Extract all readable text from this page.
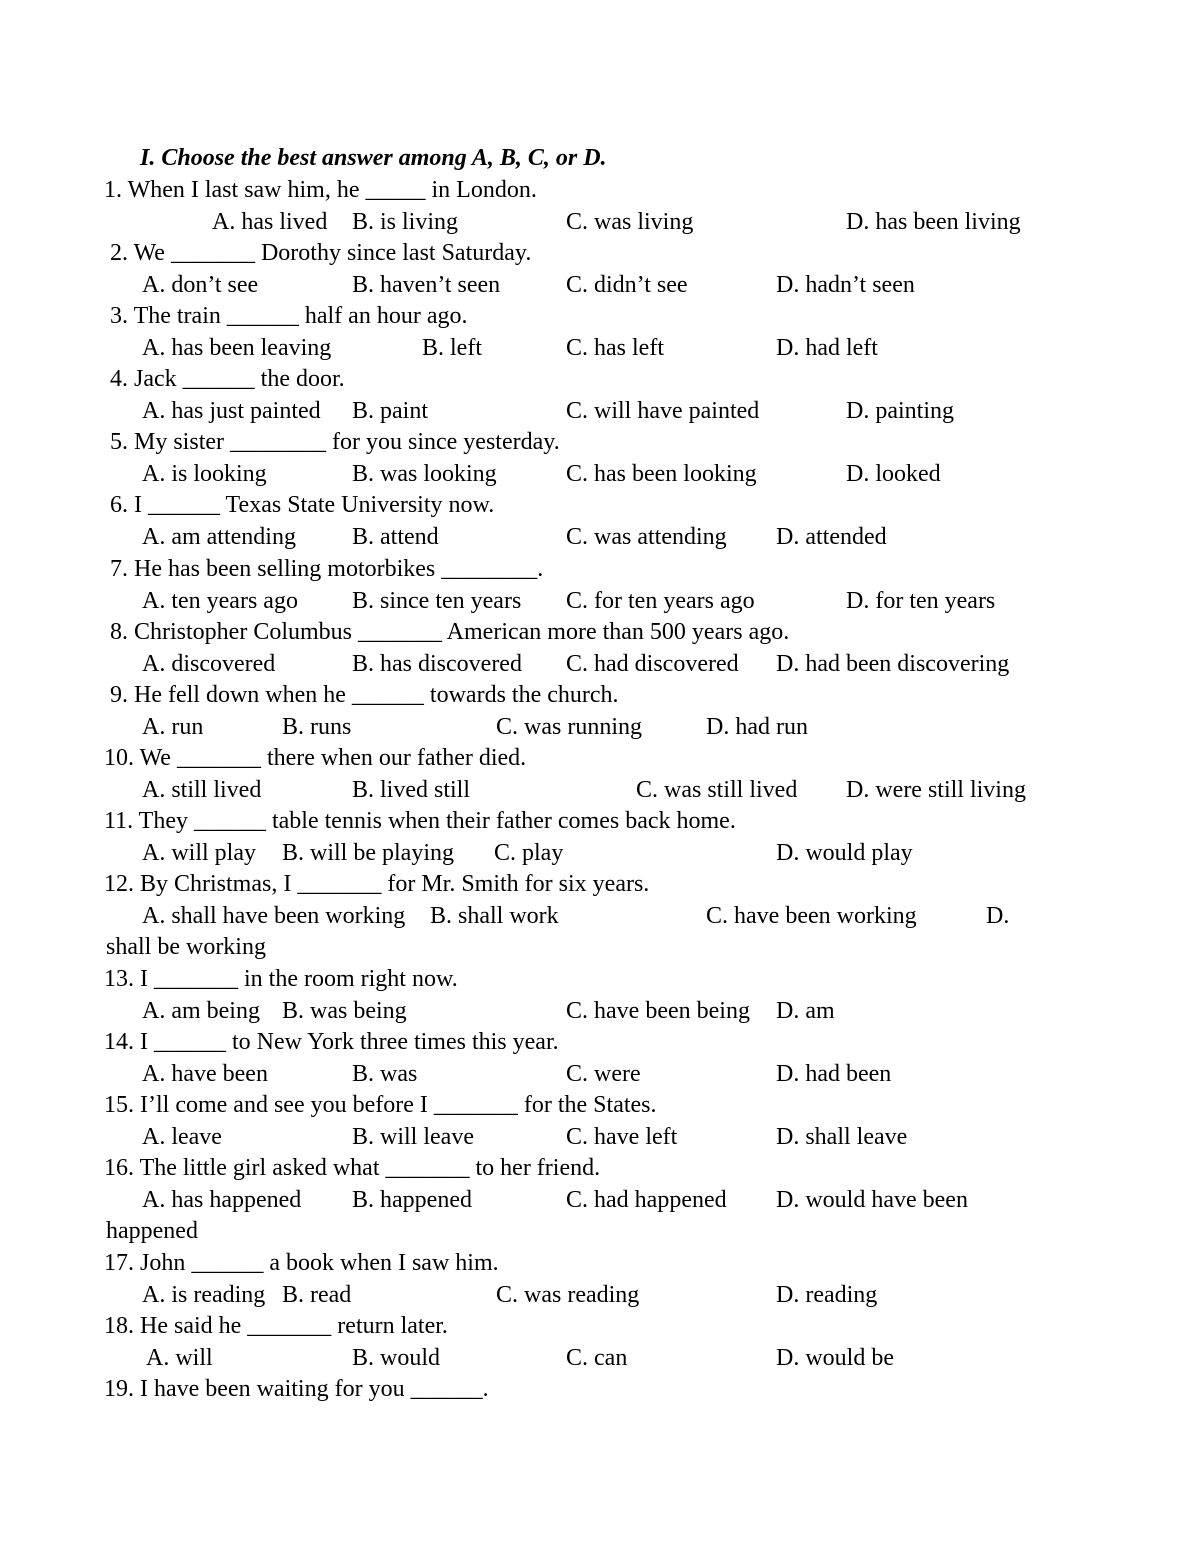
I. Choose the best answer among A, B, C, or D.
1. When I last saw him, he _____ in London.
A. has lived B. is living	C. was living	D. has been living
2. We _______ Dorothy since last Saturday.
A. don’t see	B. haven’t seen	C. didn’t see	D. hadn’t seen
3. The train ______ half an hour ago.
A. has been leaving	B. left	C. has left	D. had left
4. Jack ______ the door.
A. has just painted B. paint	C. will have painted	D. painting
5. My sister ________ for you since yesterday.
A. is looking	B. was looking	C. has been looking	D. looked
6. I ______ Texas State University now.
A. am attending B. attend	C. was attending D. attended
7. He has been selling motorbikes ________.
A. ten years ago B. since ten years C. for ten years ago	D. for ten years
8. Christopher Columbus _______ American more than 500 years ago.
A. discovered	B. has discovered C. had discovered D. had been discovering
9. He fell down when he ______ towards the church.
A. run	B. runs	C. was running	D. had run
10. We _______ there when our father died.
A. still lived	B. lived still	C. was still lived D. were still living
11. They ______ table tennis when their father comes back home.
A. will play B. will be playing C. play	D. would play
12. By Christmas, I _______ for Mr. Smith for six years.
A. shall have been working B. shall work	C. have been working	D.
shall be working
13. I _______ in the room right now.
A. am being B. was being	C. have been being D. am
14. I ______ to New York three times this year.
A. have been	B. was	C. were	D. had been
15. I’ll come and see you before I _______ for the States.
A. leave	B. will leave	C. have left	D. shall leave
16. The little girl asked what _______ to her friend.
A. has happened B. happened	C. had happened D. would have been
happened
17. John ______ a book when I saw him.
A. is reading B. read	C. was reading	D. reading
18. He said he _______ return later.
A. will	B. would	C. can	D. would be
19. I have been waiting for you ______.
